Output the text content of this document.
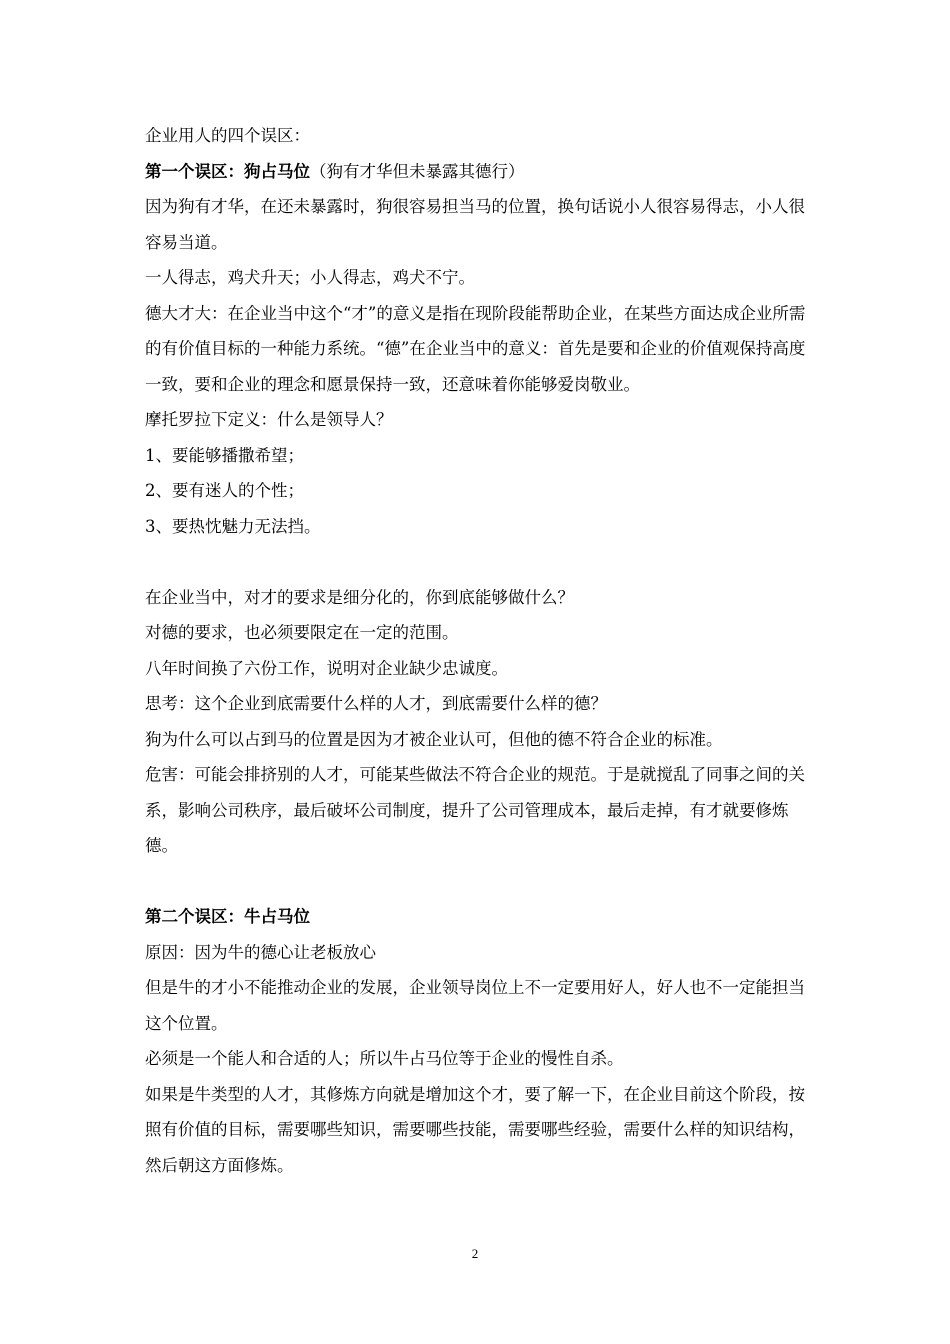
企业用人的四个误区：

第一个误区：狗占马位（狗有才华但未暴露其德行）

因为狗有才华，在还未暴露时，狗很容易担当马的位置，换句话说小人很容易得志，小人很容易当道。

一人得志，鸡犬升天；小人得志，鸡犬不宁。

德大才大：在企业当中这个“才”的意义是指在现阶段能帮助企业，在某些方面达成企业所需的有价值目标的一种能力系统。“德”在企业当中的意义：首先是要和企业的价值观保持高度一致，要和企业的理念和愿景保持一致，还意味着你能够爱岗敬业。

摩托罗拉下定义：什么是领导人？

1、要能够播撒希望；

2、要有迷人的个性；

3、要热忱魅力无法挡。

在企业当中，对才的要求是细分化的，你到底能够做什么？

对德的要求，也必须要限定在一定的范围。

八年时间换了六份工作，说明对企业缺少忠诚度。

思考：这个企业到底需要什么样的人才，到底需要什么样的德？

狗为什么可以占到马的位置是因为才被企业认可，但他的德不符合企业的标准。

危害：可能会排挤别的人才，可能某些做法不符合企业的规范。于是就搅乱了同事之间的关系，影响公司秩序，最后破坏公司制度，提升了公司管理成本，最后走掉，有才就要修炼德。

第二个误区：牛占马位

原因：因为牛的德心让老板放心

但是牛的才小不能推动企业的发展，企业领导岗位上不一定要用好人，好人也不一定能担当这个位置。

必须是一个能人和合适的人；所以牛占马位等于企业的慢性自杀。

如果是牛类型的人才，其修炼方向就是增加这个才，要了解一下，在企业目前这个阶段，按照有价值的目标，需要哪些知识，需要哪些技能，需要哪些经验，需要什么样的知识结构，然后朝这方面修炼。

2
